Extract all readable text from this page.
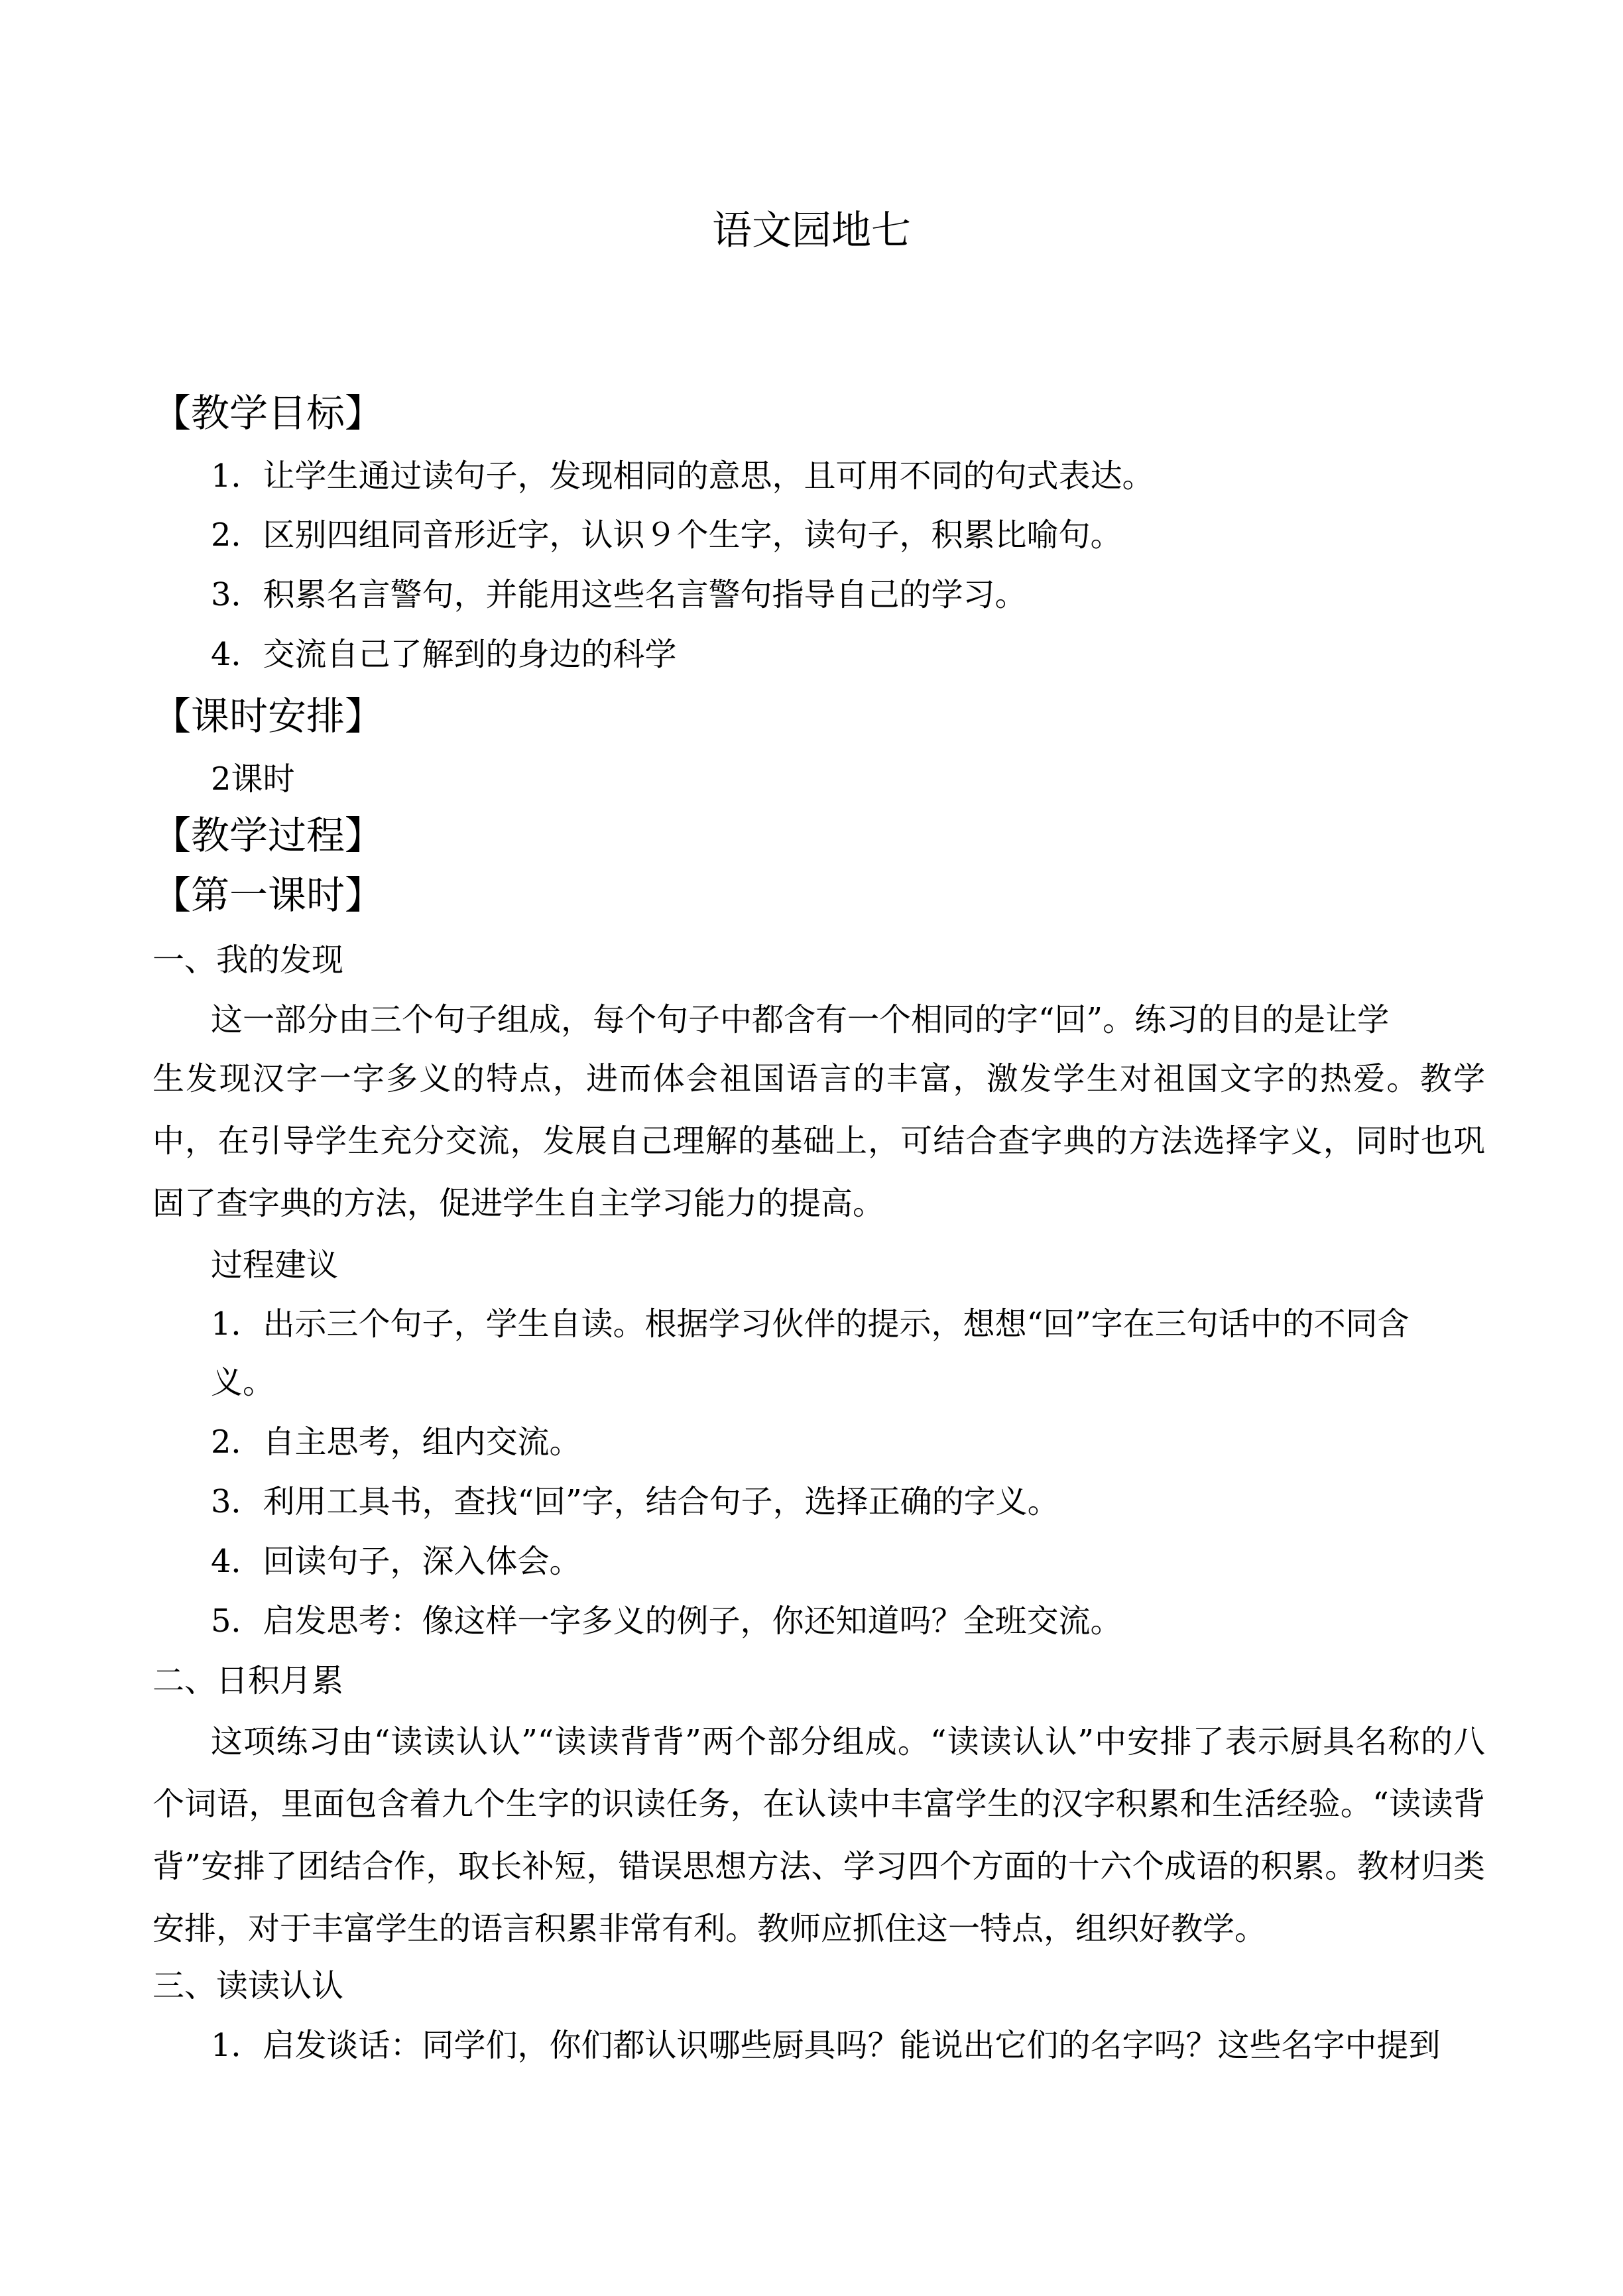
语文园地七
【教学目标】
1．让学生通过读句子，发现相同的意思，且可用不同的句式表达。
2．区别四组同音形近字，认识９个生字，读句子，积累比喻句。
3．积累名言警句，并能用这些名言警句指导自己的学习。
4．交流自己了解到的身边的科学
【课时安排】
2课时
【教学过程】
【第一课时】
一、我的发现
这一部分由三个句子组成，每个句子中都含有一个相同的字“回”。练习的目的是让学
生发现汉字一字多义的特点，进而体会祖国语言的丰富，激发学生对祖国文字的热爱。教学中，在引导学生充分交流，发展自己理解的基础上，可结合查字典的方法选择字义，同时也巩固了查字典的方法，促进学生自主学习能力的提高。
过程建议
1．出示三个句子，学生自读。根据学习伙伴的提示，想想“回”字在三句话中的不同含
义。
2．自主思考，组内交流。
3．利用工具书，查找“回”字，结合句子，选择正确的字义。
4．回读句子，深入体会。
5．启发思考：像这样一字多义的例子，你还知道吗？全班交流。
二、日积月累
这项练习由“读读认认”“读读背背”两个部分组成。“读读认认”中安排了表示厨具名称的八个词语，里面包含着九个生字的识读任务，在认读中丰富学生的汉字积累和生活经验。“读读背背”安排了团结合作，取长补短，错误思想方法、学习四个方面的十六个成语的积累。教材归类安排，对于丰富学生的语言积累非常有利。教师应抓住这一特点，组织好教学。
三、读读认认
1．启发谈话：同学们，你们都认识哪些厨具吗？能说出它们的名字吗？这些名字中提到
